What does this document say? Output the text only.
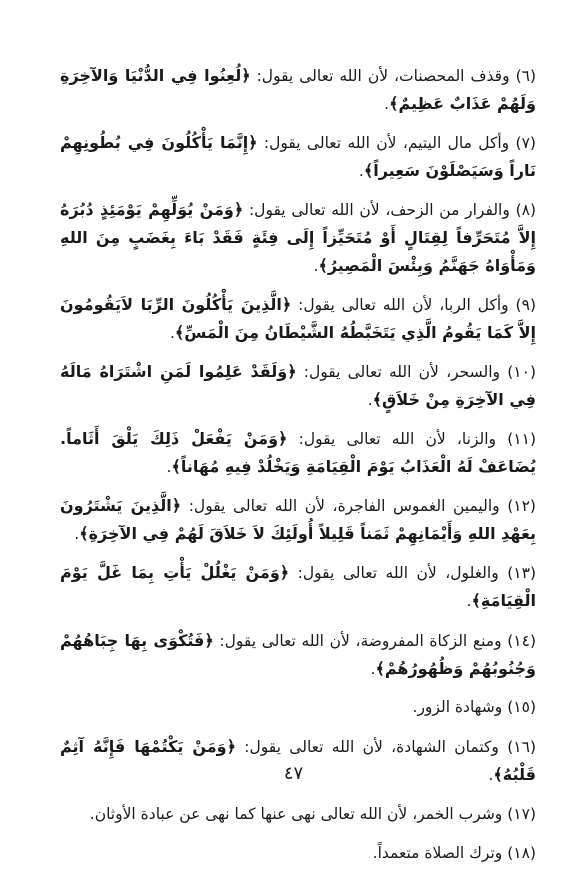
(٦) وقذف المحصنات، لأن الله تعالى يقول: ﴿لُعِنُوا فِي الدُّنْيَا وَالآخِرَةِ وَلَهُمْ عَذَابٌ عَظِيمٌ﴾.

(٧) وأكل مال اليتيم، لأن الله تعالى يقول: ﴿إِنَّمَا يَأْكُلُونَ فِي بُطُونِهِمْ نَاراً وَسَيَصْلَوْنَ سَعِيراً﴾.

(٨) والفرار من الزحف، لأن الله تعالى يقول: ﴿وَمَنْ يُوَلِّهِمْ يَوْمَئِذٍ دُبُرَهُ إِلاَّ مُتَحَرِّفاً لِقِتَالٍ أَوْ مُتَحَيِّزاً إِلَى فِئَةٍ فَقَدْ بَاءَ بِغَضَبٍ مِنَ اللهِ وَمَأْوَاهُ جَهَنَّمُ وَبِئْسَ الْمَصِيرُ﴾.

(٩) وأكل الربا، لأن الله تعالى يقول: ﴿الَّذِينَ يَأْكُلُونَ الرِّبَا لاَيَقُومُونَ إِلاَّ كَمَا يَقُومُ الَّذِي يَتَخَبَّطُهُ الشَّيْطَانُ مِنَ الْمَسِّ﴾.

(١٠) والسحر، لأن الله تعالى يقول: ﴿وَلَقَدْ عَلِمُوا لَمَنِ اشْتَرَاهُ مَالَهُ فِي الآخِرَةِ مِنْ خَلاَقٍ﴾.

(١١) والزنا، لأن الله تعالى يقول: ﴿وَمَنْ يَفْعَلْ ذَلِكَ يَلْقَ أَثَاماً. يُضَاعَفْ لَهُ الْعَذَابُ يَوْمَ الْقِيَامَةِ وَيَخْلُدْ فِيهِ مُهَاناً﴾.

(١٢) واليمين الغموس الفاجرة، لأن الله تعالى يقول: ﴿الَّذِينَ يَشْتَرُونَ بِعَهْدِ اللهِ وَأَيْمَانِهِمْ ثَمَناً قَلِيلاً أُولَئِكَ لاَ خَلاَقَ لَهُمْ فِي الآخِرَةِ﴾.

(١٣) والغلول، لأن الله تعالى يقول: ﴿وَمَنْ يَغْلُلْ يَأْتِ بِمَا غَلَّ يَوْمَ الْقِيَامَةِ﴾.

(١٤) ومنع الزكاة المفروضة، لأن الله تعالى يقول: ﴿فَتُكْوَى بِهَا جِبَاهُهُمْ وَجُنُوبُهُمْ وَظُهُورُهُمْ﴾.

(١٥) وشهادة الزور.

(١٦) وكتمان الشهادة، لأن الله تعالى يقول: ﴿وَمَنْ يَكْتُمْهَا فَإِنَّهُ آثِمٌ قَلْبُهُ﴾.

(١٧) وشرب الخمر، لأن الله تعالى نهى عنها كما نهى عن عبادة الأوثان.

(١٨) وترك الصلاة متعمداً.

٤٧
